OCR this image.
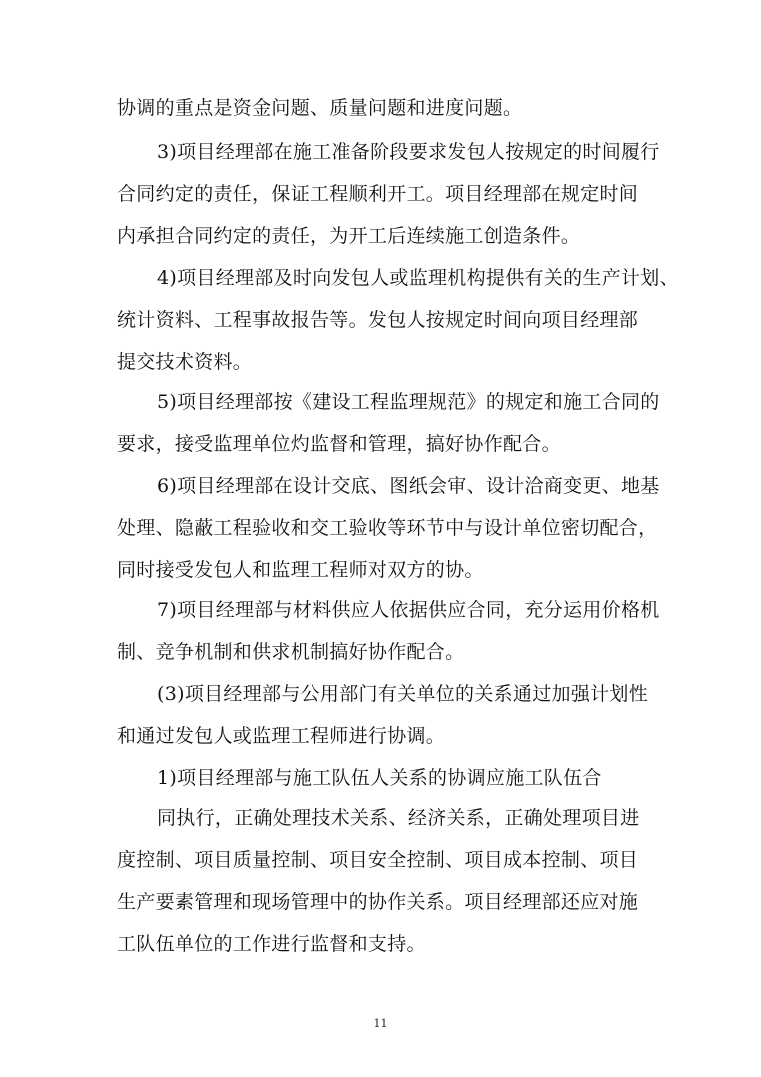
协调的重点是资金问题、质量问题和进度问题。
3)项目经理部在施工准备阶段要求发包人按规定的时间履行
合同约定的责任，保证工程顺利开工。项目经理部在规定时间
内承担合同约定的责任，为开工后连续施工创造条件。
4)项目经理部及时向发包人或监理机构提供有关的生产计划、
统计资料、工程事故报告等。发包人按规定时间向项目经理部
提交技术资料。
5)项目经理部按《建设工程监理规范》的规定和施工合同的
要求，接受监理单位灼监督和管理，搞好协作配合。
6)项目经理部在设计交底、图纸会审、设计洽商变更、地基
处理、隐蔽工程验收和交工验收等环节中与设计单位密切配合，
同时接受发包人和监理工程师对双方的协。
7)项目经理部与材料供应人依据供应合同，充分运用价格机
制、竞争机制和供求机制搞好协作配合。
(3)项目经理部与公用部门有关单位的关系通过加强计划性
和通过发包人或监理工程师进行协调。
1)项目经理部与施工队伍人关系的协调应施工队伍合
同执行，正确处理技术关系、经济关系，正确处理项目进
度控制、项目质量控制、项目安全控制、项目成本控制、项目
生产要素管理和现场管理中的协作关系。项目经理部还应对施
工队伍单位的工作进行监督和支持。
11
